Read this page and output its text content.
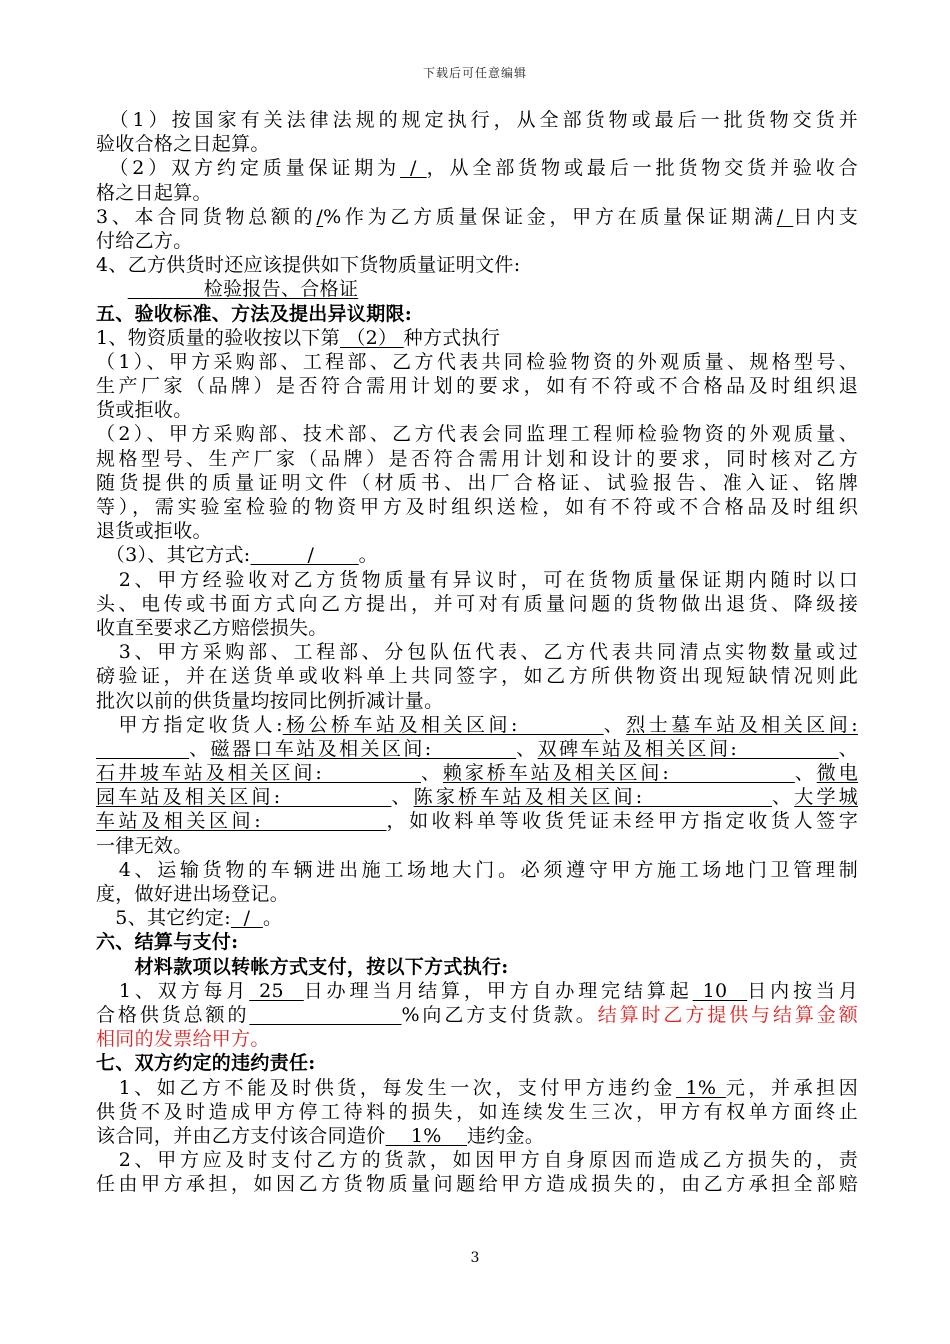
下载后可任意编辑
　（1）按国家有关法律法规的规定执行，从全部货物或最后一批货物交货并
验收合格之日起算。
　（2）双方约定质量保证期为 / ，从全部货物或最后一批货物交货并验收合
格之日起算。
3、本合同货物总额的/%作为乙方质量保证金，甲方在质量保证期满/ 日内支
付给乙方。
4、乙方供货时还应该提供如下货物质量证明文件:
检验报告、合格证
五、验收标准、方法及提出异议期限:
1、物资质量的验收按以下第 （2） 种方式执行
（1）、甲方采购部、工程部、乙方代表共同检验物资的外观质量、规格型号、
生产厂家（品牌）是否符合需用计划的要求，如有不符或不合格品及时组织退
货或拒收。
（2）、甲方采购部、技术部、乙方代表会同监理工程师检验物资的外观质量、
规格型号、生产厂家（品牌）是否符合需用计划和设计的要求，同时核对乙方
随货提供的质量证明文件（材质书、出厂合格证、试验报告、准入证、铭牌
等），需实验室检验的物资甲方及时组织送检，如有不符或不合格品及时组织
退货或拒收。
　（3）、其它方式:         /       。
　2、甲方经验收对乙方货物质量有异议时，可在货物质量保证期内随时以口
头、电传或书面方式向乙方提出，并可对有质量问题的货物做出退货、降级接
收直至要求乙方赔偿损失。
　3、甲方采购部、工程部、分包队伍代表、乙方代表共同清点实物数量或过
磅验证，并在送货单或收料单上共同签字，如乙方所供物资出现短缺情况则此
批次以前的供货量均按同比例折减计量。
　甲方指定收货人:杨公桥车站及相关区间:         、烈士墓车站及相关区间:
、磁器口车站及相关区间:          、双碑车站及相关区间:            、
石井坡车站及相关区间:           、赖家桥车站及相关区间:              、微电
园车站及相关区间:            、陈家桥车站及相关区间:              、大学城
车站及相关区间:             ，如收料单等收货凭证未经甲方指定收货人签字
一律无效。
　4、运输货物的车辆进出施工场地大门。必须遵守甲方施工场地门卫管理制
度，做好进出场登记。
　5、其它约定:  /  。
六、结算与支付:
　　材料款项以转帐方式支付，按以下方式执行:
　1、双方每月 25  日办理当月结算，甲方自办理完结算起 10  日内按当月
合格供货总额的	%向乙方支付货款。结算时乙方提供与结算金额
相同的发票给甲方。
七、双方约定的违约责任:
　1、如乙方不能及时供货，每发生一次，支付甲方违约金 1% 元，并承担因
供货不及时造成甲方停工待料的损失，如连续发生三次，甲方有权单方面终止
该合同，并由乙方支付该合同造价    1%    违约金。
　2、甲方应及时支付乙方的货款，如因甲方自身原因而造成乙方损失的，责
任由甲方承担，如因乙方货物质量问题给甲方造成损失的，由乙方承担全部赔
3
